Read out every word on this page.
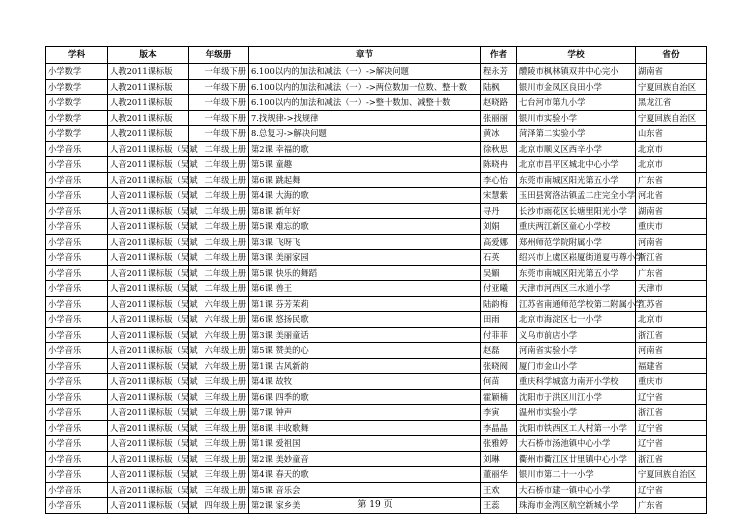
学科	版本	年级册	章节	作者	学校	省份
小学数学	人教2011课标版	一年级下册	6.100以内的加法和减法（一）->解决问题	程永芳	醴陵市枫林镇双井中心完小	湖南省
小学数学	人教2011课标版	一年级下册	6.100以内的加法和减法（一）->两位数加一位数、整十数	陆枫	银川市金凤区良田小学	宁夏回族自治区
小学数学	人教2011课标版	一年级下册	6.100以内的加法和减法（一）->整十数加、减整十数	赵晓路	七台河市第九小学	黑龙江省
小学数学	人教2011课标版	一年级下册	7.找规律->找规律	张丽丽	银川市实验小学	宁夏回族自治区
小学数学	人教2011课标版	一年级下册	8.总复习->解决问题	黄冰	菏泽第二实验小学	山东省
小学音乐	人音2011课标版（吴斌	二年级上册	第2课 幸福的歌	徐秋思	北京市顺义区西辛小学	北京市
小学音乐	人音2011课标版（吴斌	二年级上册	第5课 童趣	陈晓冉	北京市昌平区城北中心小学	北京市
小学音乐	人音2011课标版（吴斌	二年级上册	第6课 跳起舞	李心怡	东莞市南城区阳光第五小学	广东省
小学音乐	人音2011课标版（吴斌	二年级上册	第4课 大海的歌	宋慧紫	玉田县窝洛沽镇孟二庄完全小学	河北省
小学音乐	人音2011课标版（吴斌	二年级上册	第8课 新年好	寻丹	长沙市雨花区长塘里阳光小学	湖南省
小学音乐	人音2011课标版（吴斌	二年级上册	第5课 难忘的歌	刘娟	重庆两江新区童心小学校	重庆市
小学音乐	人音2011课标版（吴斌	二年级上册	第3课 飞呀飞	高爱娜	郑州师范学院附属小学	河南省
小学音乐	人音2011课标版（吴斌	二年级上册	第3课 美丽家园	石英	绍兴市上虞区崧厦街道夏丏尊小学	浙江省
小学音乐	人音2011课标版（吴斌	二年级上册	第5课 快乐的舞蹈	吴媚	东莞市南城区阳光第五小学	广东省
小学音乐	人音2011课标版（吴斌	二年级上册	第6课 兽王	付亚曦	天津市河西区三水道小学	天津市
小学音乐	人音2011课标版（吴斌	六年级上册	第1课 芬芳茉莉	陆韵梅	江苏省南通师范学校第二附属小学	江苏省
小学音乐	人音2011课标版（吴斌	六年级上册	第6课 悠扬民歌	田雨	北京市海淀区七一小学	北京市
小学音乐	人音2011课标版（吴斌	六年级上册	第3课 美丽童话	付菲菲	义乌市前店小学	浙江省
小学音乐	人音2011课标版（吴斌	六年级上册	第5课 赞美的心	赵磊	河南省实验小学	河南省
小学音乐	人音2011课标版（吴斌	六年级上册	第1课 古风新韵	张晓阀	厦门市金山小学	福建省
小学音乐	人音2011课标版（吴斌	三年级上册	第4课 故牧	何苗	重庆科学城富力南开小学校	重庆市
小学音乐	人音2011课标版（吴斌	三年级上册	第6课 四季的歌	霍颖楠	沈阳市于洪区川江小学	辽宁省
小学音乐	人音2011课标版（吴斌	三年级上册	第7课 钟声	李寅	温州市实验小学	浙江省
小学音乐	人音2011课标版（吴斌	三年级上册	第8课 丰收歌舞	李晶晶	沈阳市铁西区工人村第一小学	辽宁省
小学音乐	人音2011课标版（吴斌	三年级上册	第1课 爱祖国	张雅婷	大石桥市汤池镇中心小学	辽宁省
小学音乐	人音2011课标版（吴斌	三年级上册	第2课 美妙童音	刘琳	衢州市衢江区廿里镇中心小学	浙江省
小学音乐	人音2011课标版（吴斌	三年级上册	第4课 春天的歌	董丽华	银川市第二十一小学	宁夏回族自治区
小学音乐	人音2011课标版（吴斌	三年级上册	第5课 音乐会	王欢	大石桥市建一镇中心小学	辽宁省
小学音乐	人音2011课标版（吴斌	四年级上册	第2课 家乡美	王蕊	珠海市金湾区航空新城小学	广东省
第 19 页
